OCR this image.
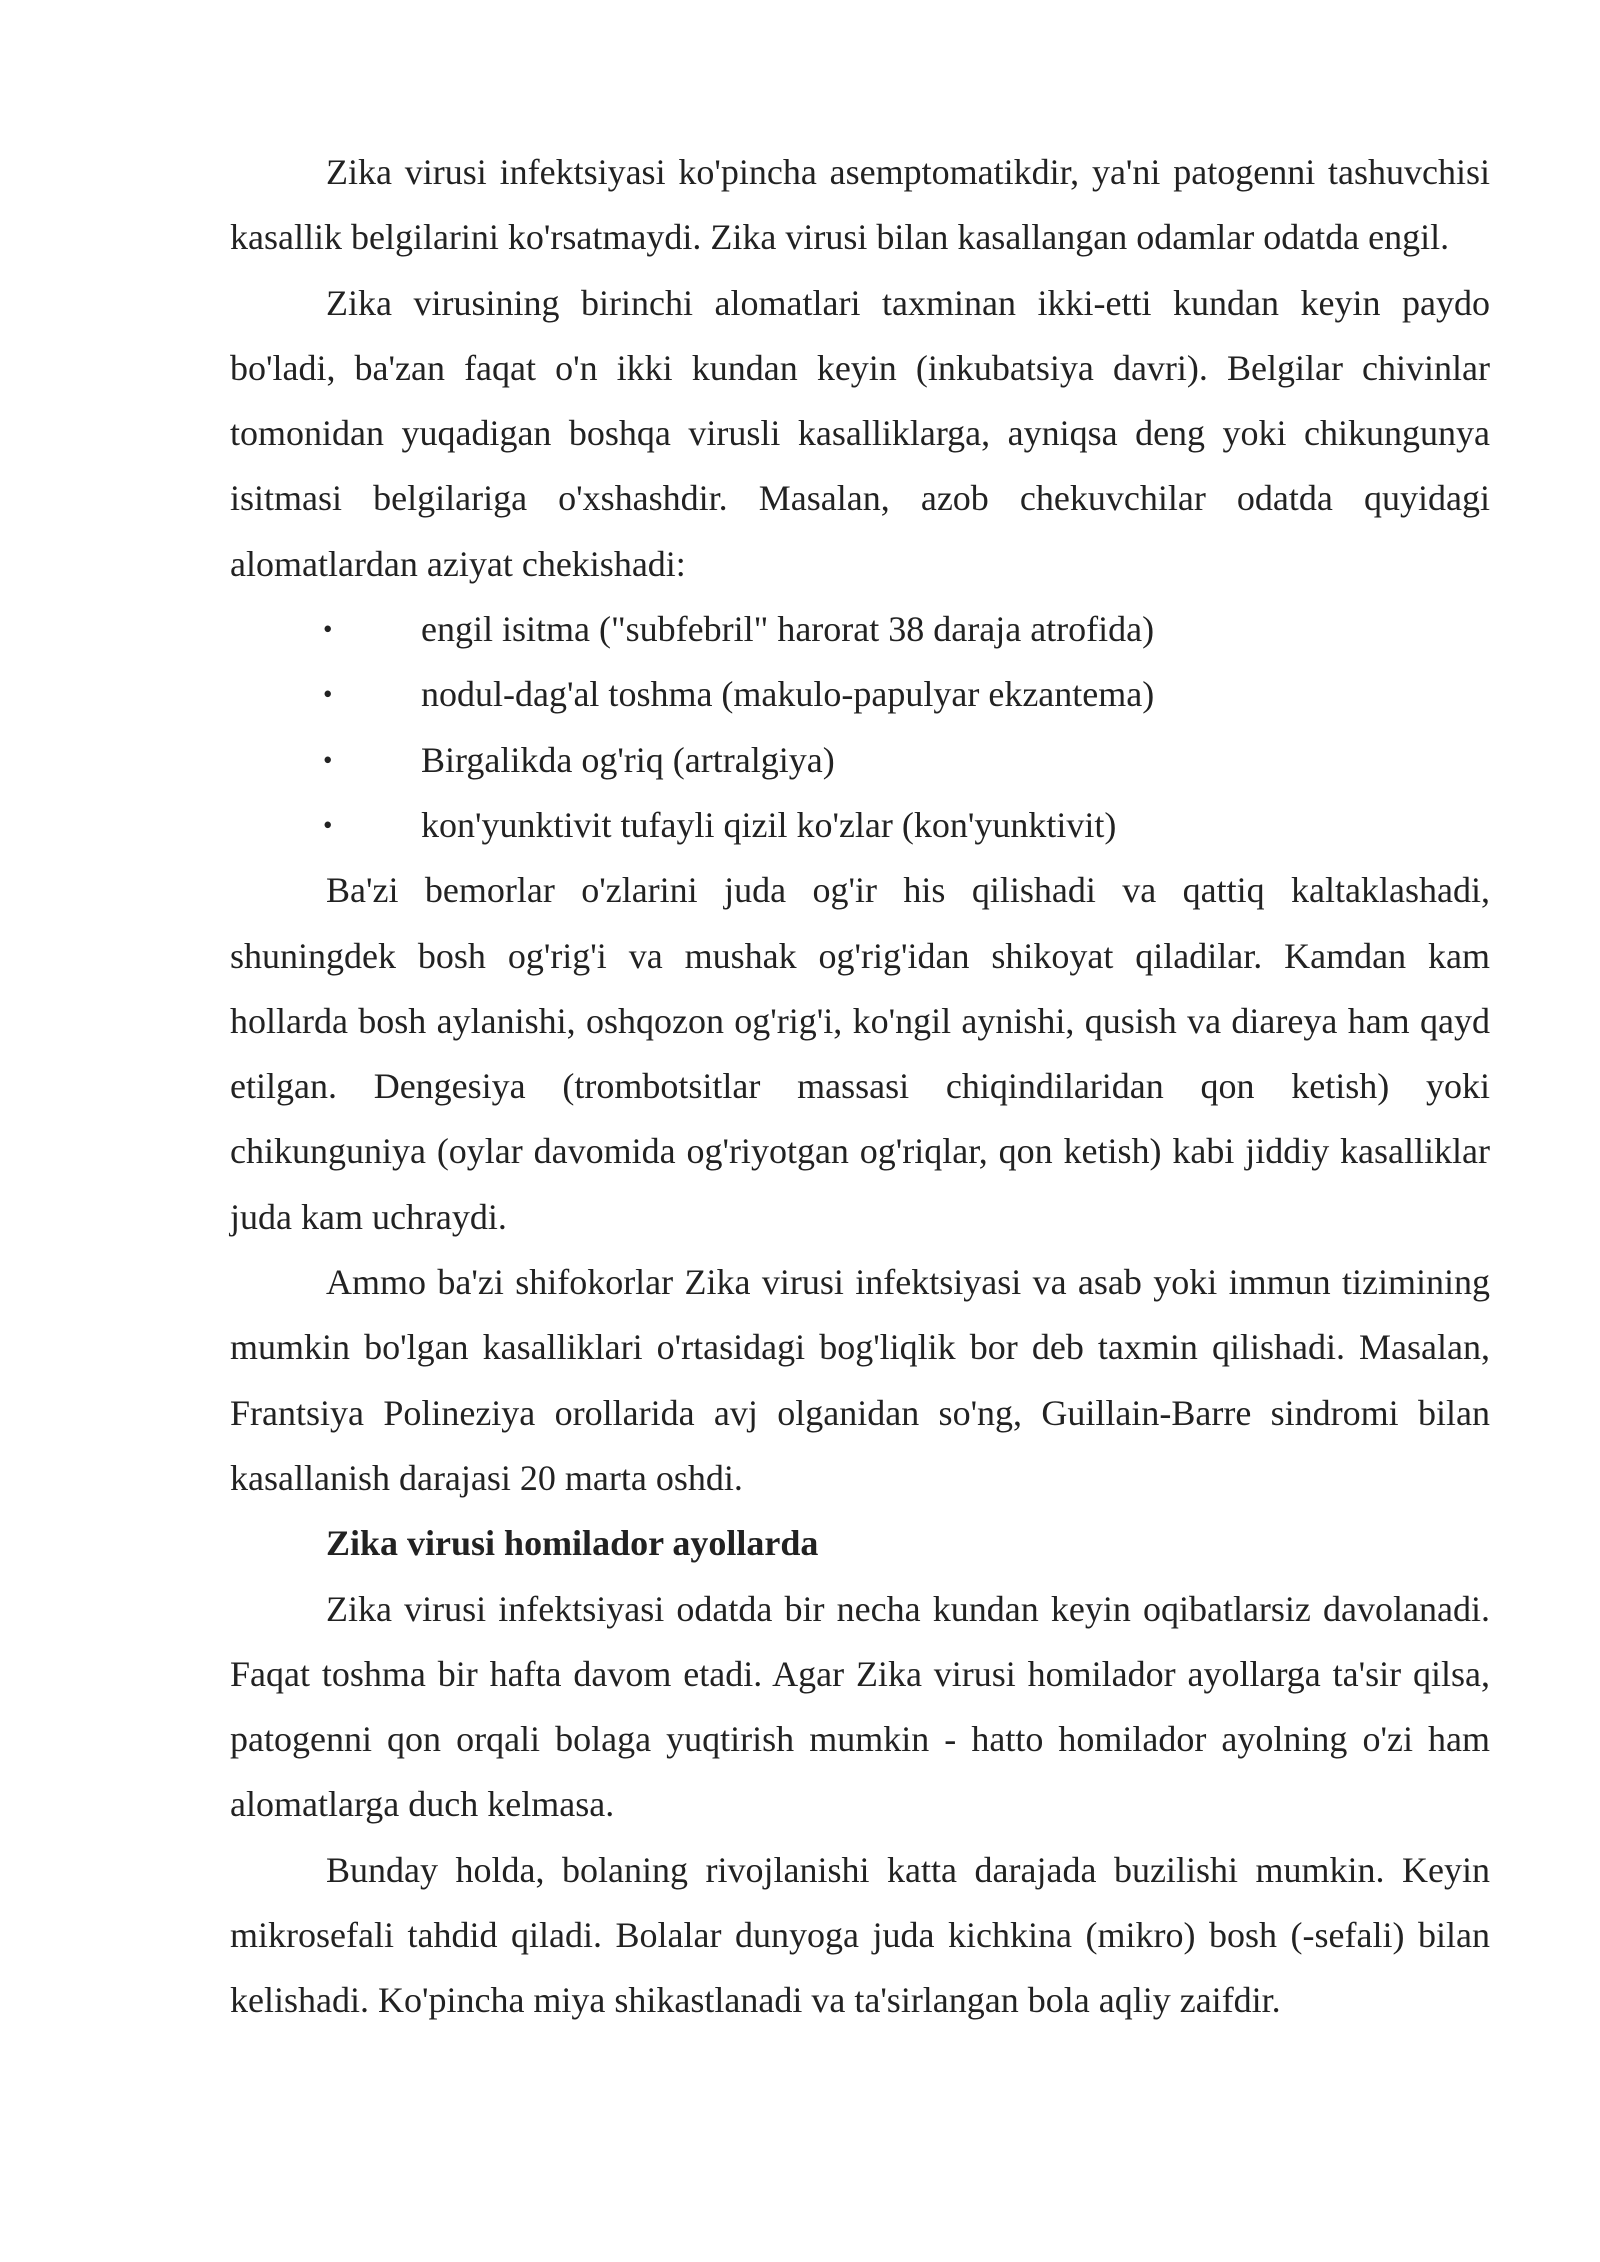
Zika virusi infektsiyasi ko'pincha asemptomatikdir, ya'ni patogenni tashuvchisi kasallik belgilarini ko'rsatmaydi. Zika virusi bilan kasallangan odamlar odatda engil.

Zika virusining birinchi alomatlari taxminan ikki-etti kundan keyin paydo bo'ladi, ba'zan faqat o'n ikki kundan keyin (inkubatsiya davri). Belgilar chivinlar tomonidan yuqadigan boshqa virusli kasalliklarga, ayniqsa deng yoki chikungunya isitmasi belgilariga o'xshashdir. Masalan, azob chekuvchilar odatda quyidagi alomatlardan aziyat chekishadi:

• engil isitma ("subfebril" harorat 38 daraja atrofida)
• nodul-dag'al toshma (makulo-papulyar ekzantema)
• Birgalikda og'riq (artralgiya)
• kon'yunktivit tufayli qizil ko'zlar (kon'yunktivit)

Ba'zi bemorlar o'zlarini juda og'ir his qilishadi va qattiq kaltaklashadi, shuningdek bosh og'rig'i va mushak og'rig'idan shikoyat qiladilar. Kamdan kam hollarda bosh aylanishi, oshqozon og'rig'i, ko'ngil aynishi, qusish va diareya ham qayd etilgan. Dengesiya (trombotsitlar massasi chiqindilaridan qon ketish) yoki chikunguniya (oylar davomida og'riyotgan og'riqlar, qon ketish) kabi jiddiy kasalliklar juda kam uchraydi.

Ammo ba'zi shifokorlar Zika virusi infektsiyasi va asab yoki immun tizimining mumkin bo'lgan kasalliklari o'rtasidagi bog'liqlik bor deb taxmin qilishadi. Masalan, Frantsiya Polineziya orollarida avj olganidan so'ng, Guillain-Barre sindromi bilan kasallanish darajasi 20 marta oshdi.

Zika virusi homilador ayollarda

Zika virusi infektsiyasi odatda bir necha kundan keyin oqibatlarsiz davolanadi. Faqat toshma bir hafta davom etadi. Agar Zika virusi homilador ayollarga ta'sir qilsa, patogenni qon orqali bolaga yuqtirish mumkin - hatto homilador ayolning o'zi ham alomatlarga duch kelmasa.

Bunday holda, bolaning rivojlanishi katta darajada buzilishi mumkin. Keyin mikrosefali tahdid qiladi. Bolalar dunyoga juda kichkina (mikro) bosh (-sefali) bilan kelishadi. Ko'pincha miya shikastlanadi va ta'sirlangan bola aqliy zaifdir.
